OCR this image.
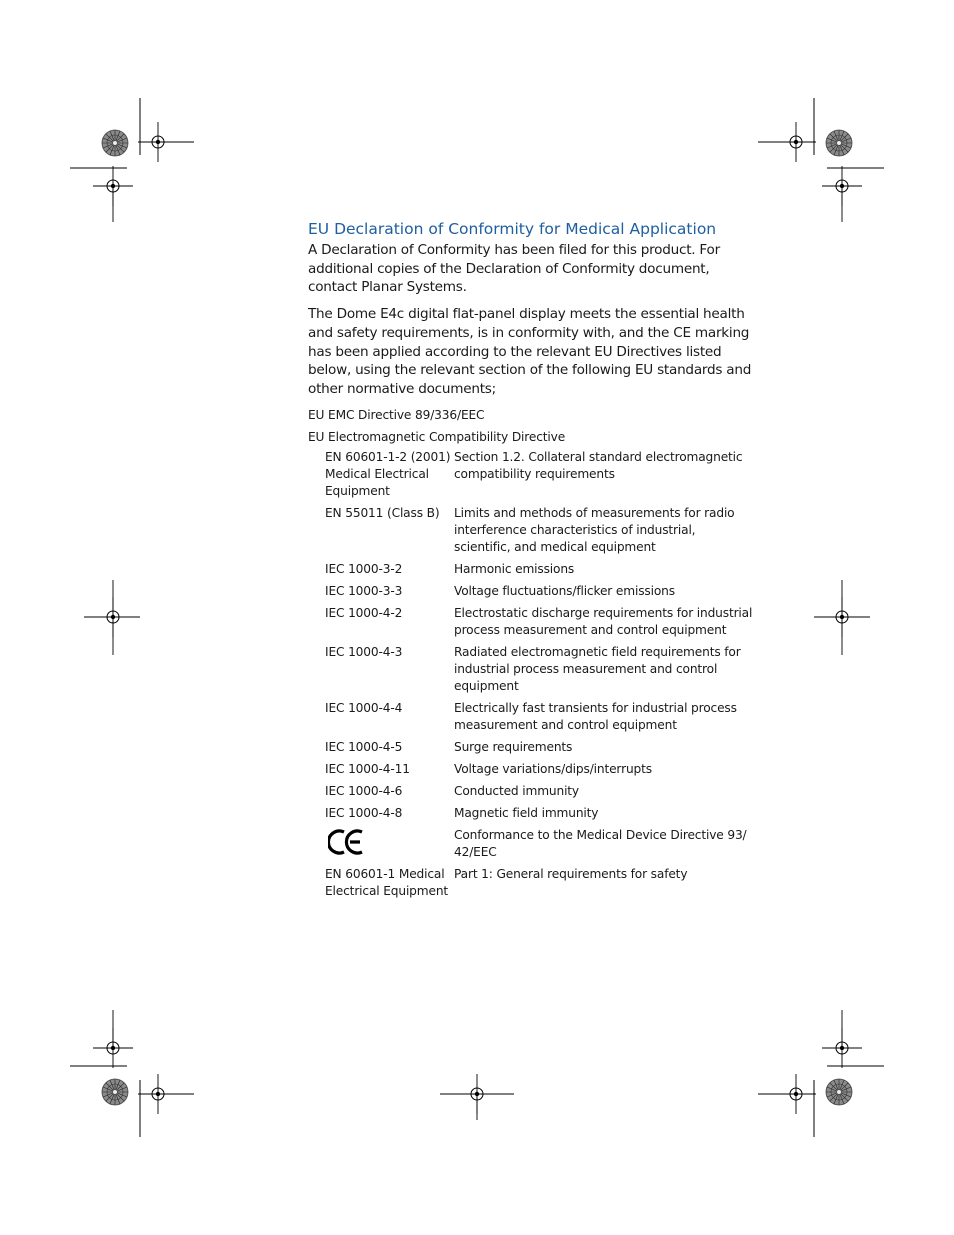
EU Declaration of Conformity for Medical Application

A Declaration of Conformity has been filed for this product. For additional copies of the Declaration of Conformity document, contact Planar Systems.

The Dome E4c digital flat-panel display meets the essential health and safety requirements, is in conformity with, and the CE marking has been applied according to the relevant EU Directives listed below, using the relevant section of the following EU standards and other normative documents;

EU EMC Directive 89/336/EEC

EU Electromagnetic Compatibility Directive

EN 60601-1-2 (2001) Medical Electrical Equipment	Section 1.2. Collateral standard electromagnetic compatibility requirements
EN 55011 (Class B)	Limits and methods of measurements for radio interference characteristics of industrial, scientific, and medical equipment
IEC 1000-3-2	Harmonic emissions
IEC 1000-3-3	Voltage fluctuations/flicker emissions
IEC 1000-4-2	Electrostatic discharge requirements for industrial process measurement and control equipment
IEC 1000-4-3	Radiated electromagnetic field requirements for industrial process measurement and control equipment
IEC 1000-4-4	Electrically fast transients for industrial process measurement and control equipment
IEC 1000-4-5	Surge requirements
IEC 1000-4-11	Voltage variations/dips/interrupts
IEC 1000-4-6	Conducted immunity
IEC 1000-4-8	Magnetic field immunity

	Conformance to the Medical Device Directive 93/ 42/EEC
EN 60601-1 Medical Electrical Equipment	Part 1: General requirements for safety
